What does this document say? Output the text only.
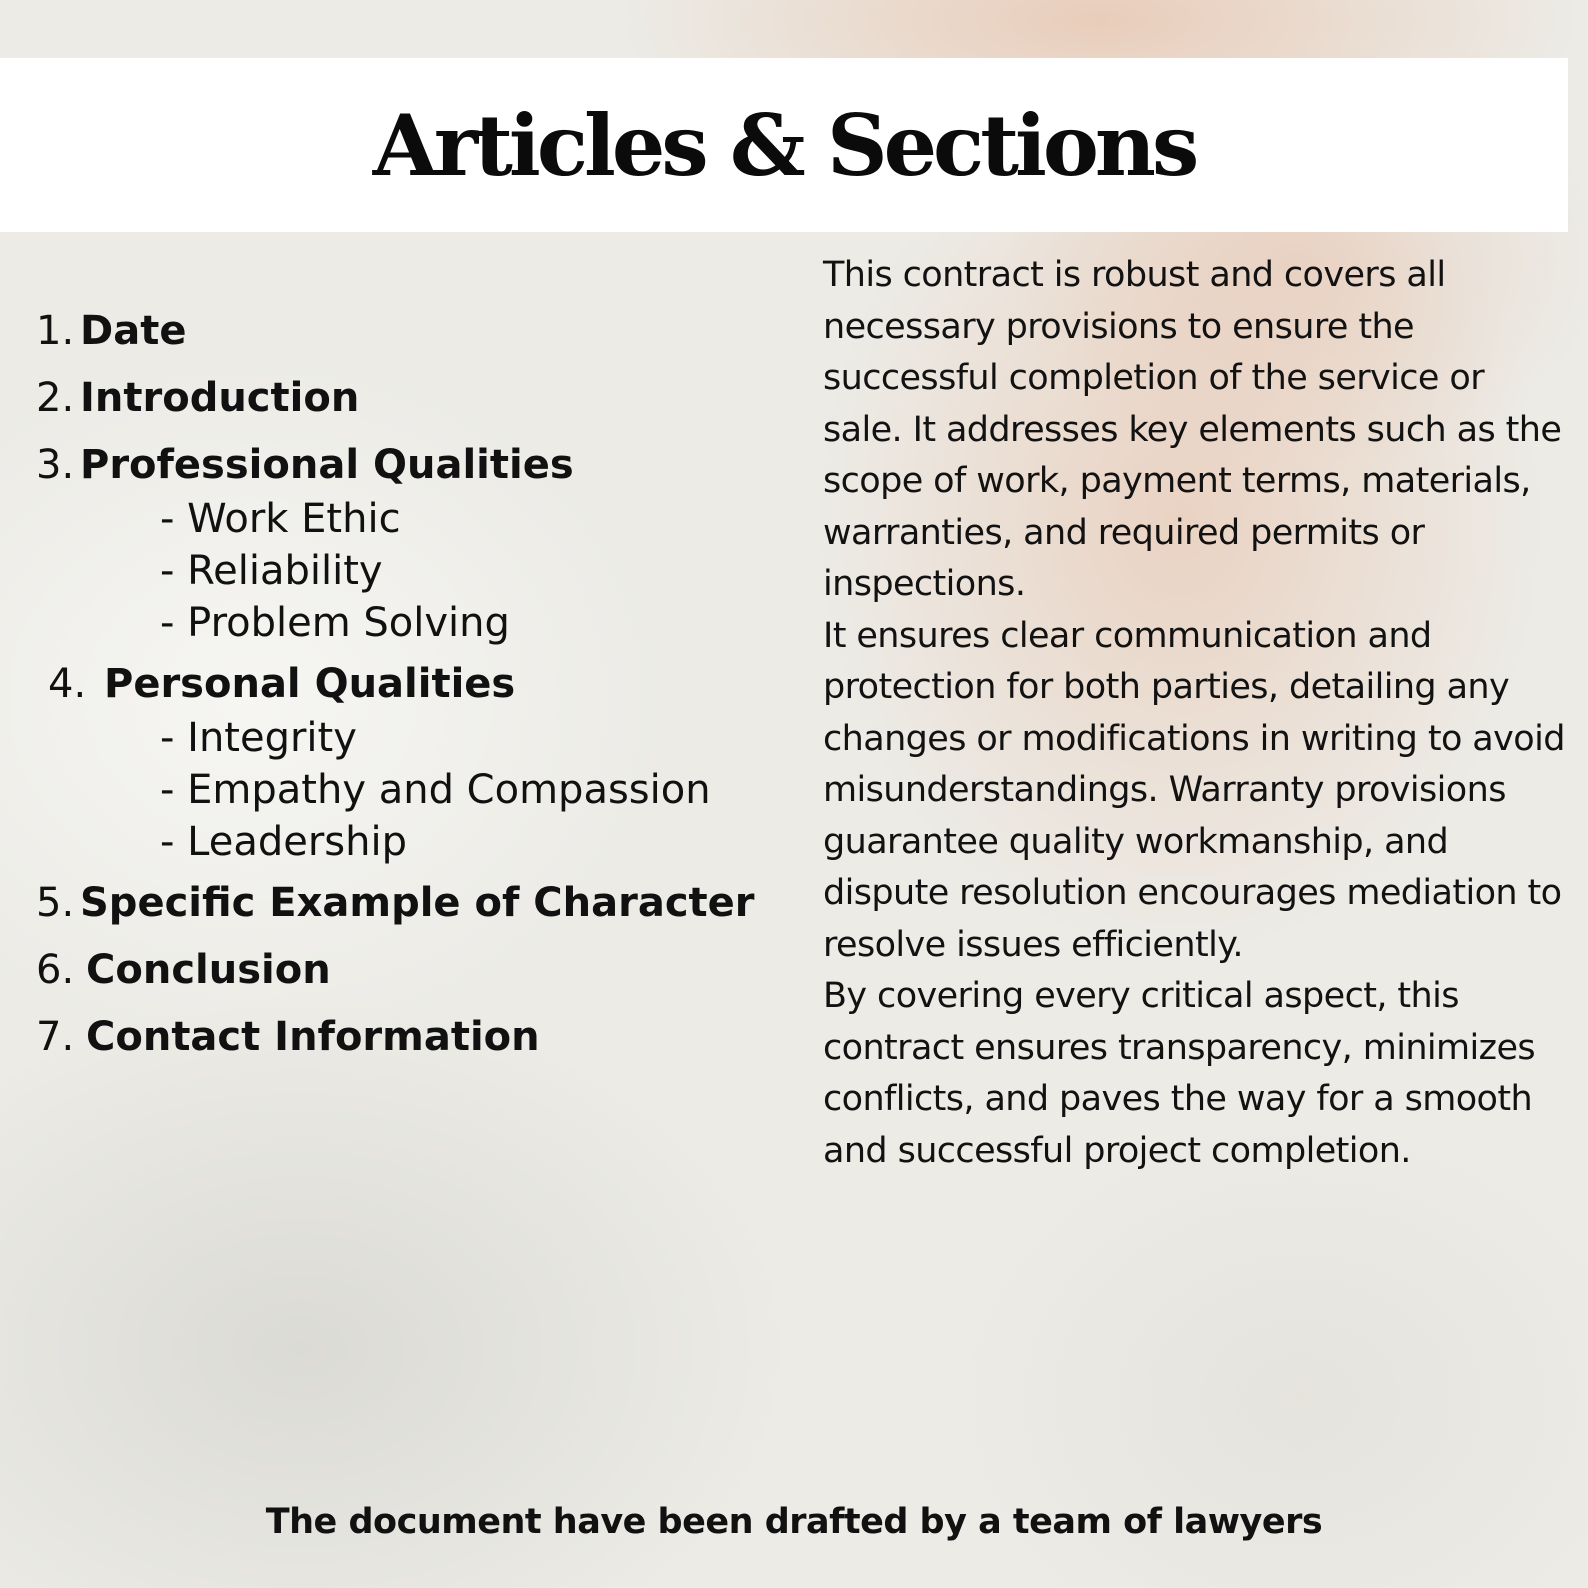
Articles & Sections
1. Date
2. Introduction
3. Professional Qualities
- Work Ethic
- Reliability
- Problem Solving
4. Personal Qualities
- Integrity
- Empathy and Compassion
- Leadership
5. Specific Example of Character
6. Conclusion
7. Contact Information

This contract is robust and covers all necessary provisions to ensure the successful completion of the service or sale. It addresses key elements such as the scope of work, payment terms, materials, warranties, and required permits or inspections.

It ensures clear communication and protection for both parties, detailing any changes or modifications in writing to avoid misunderstandings. Warranty provisions guarantee quality workmanship, and dispute resolution encourages mediation to resolve issues efficiently.

By covering every critical aspect, this contract ensures transparency, minimizes conflicts, and paves the way for a smooth and successful project completion.

The document have been drafted by a team of lawyers
